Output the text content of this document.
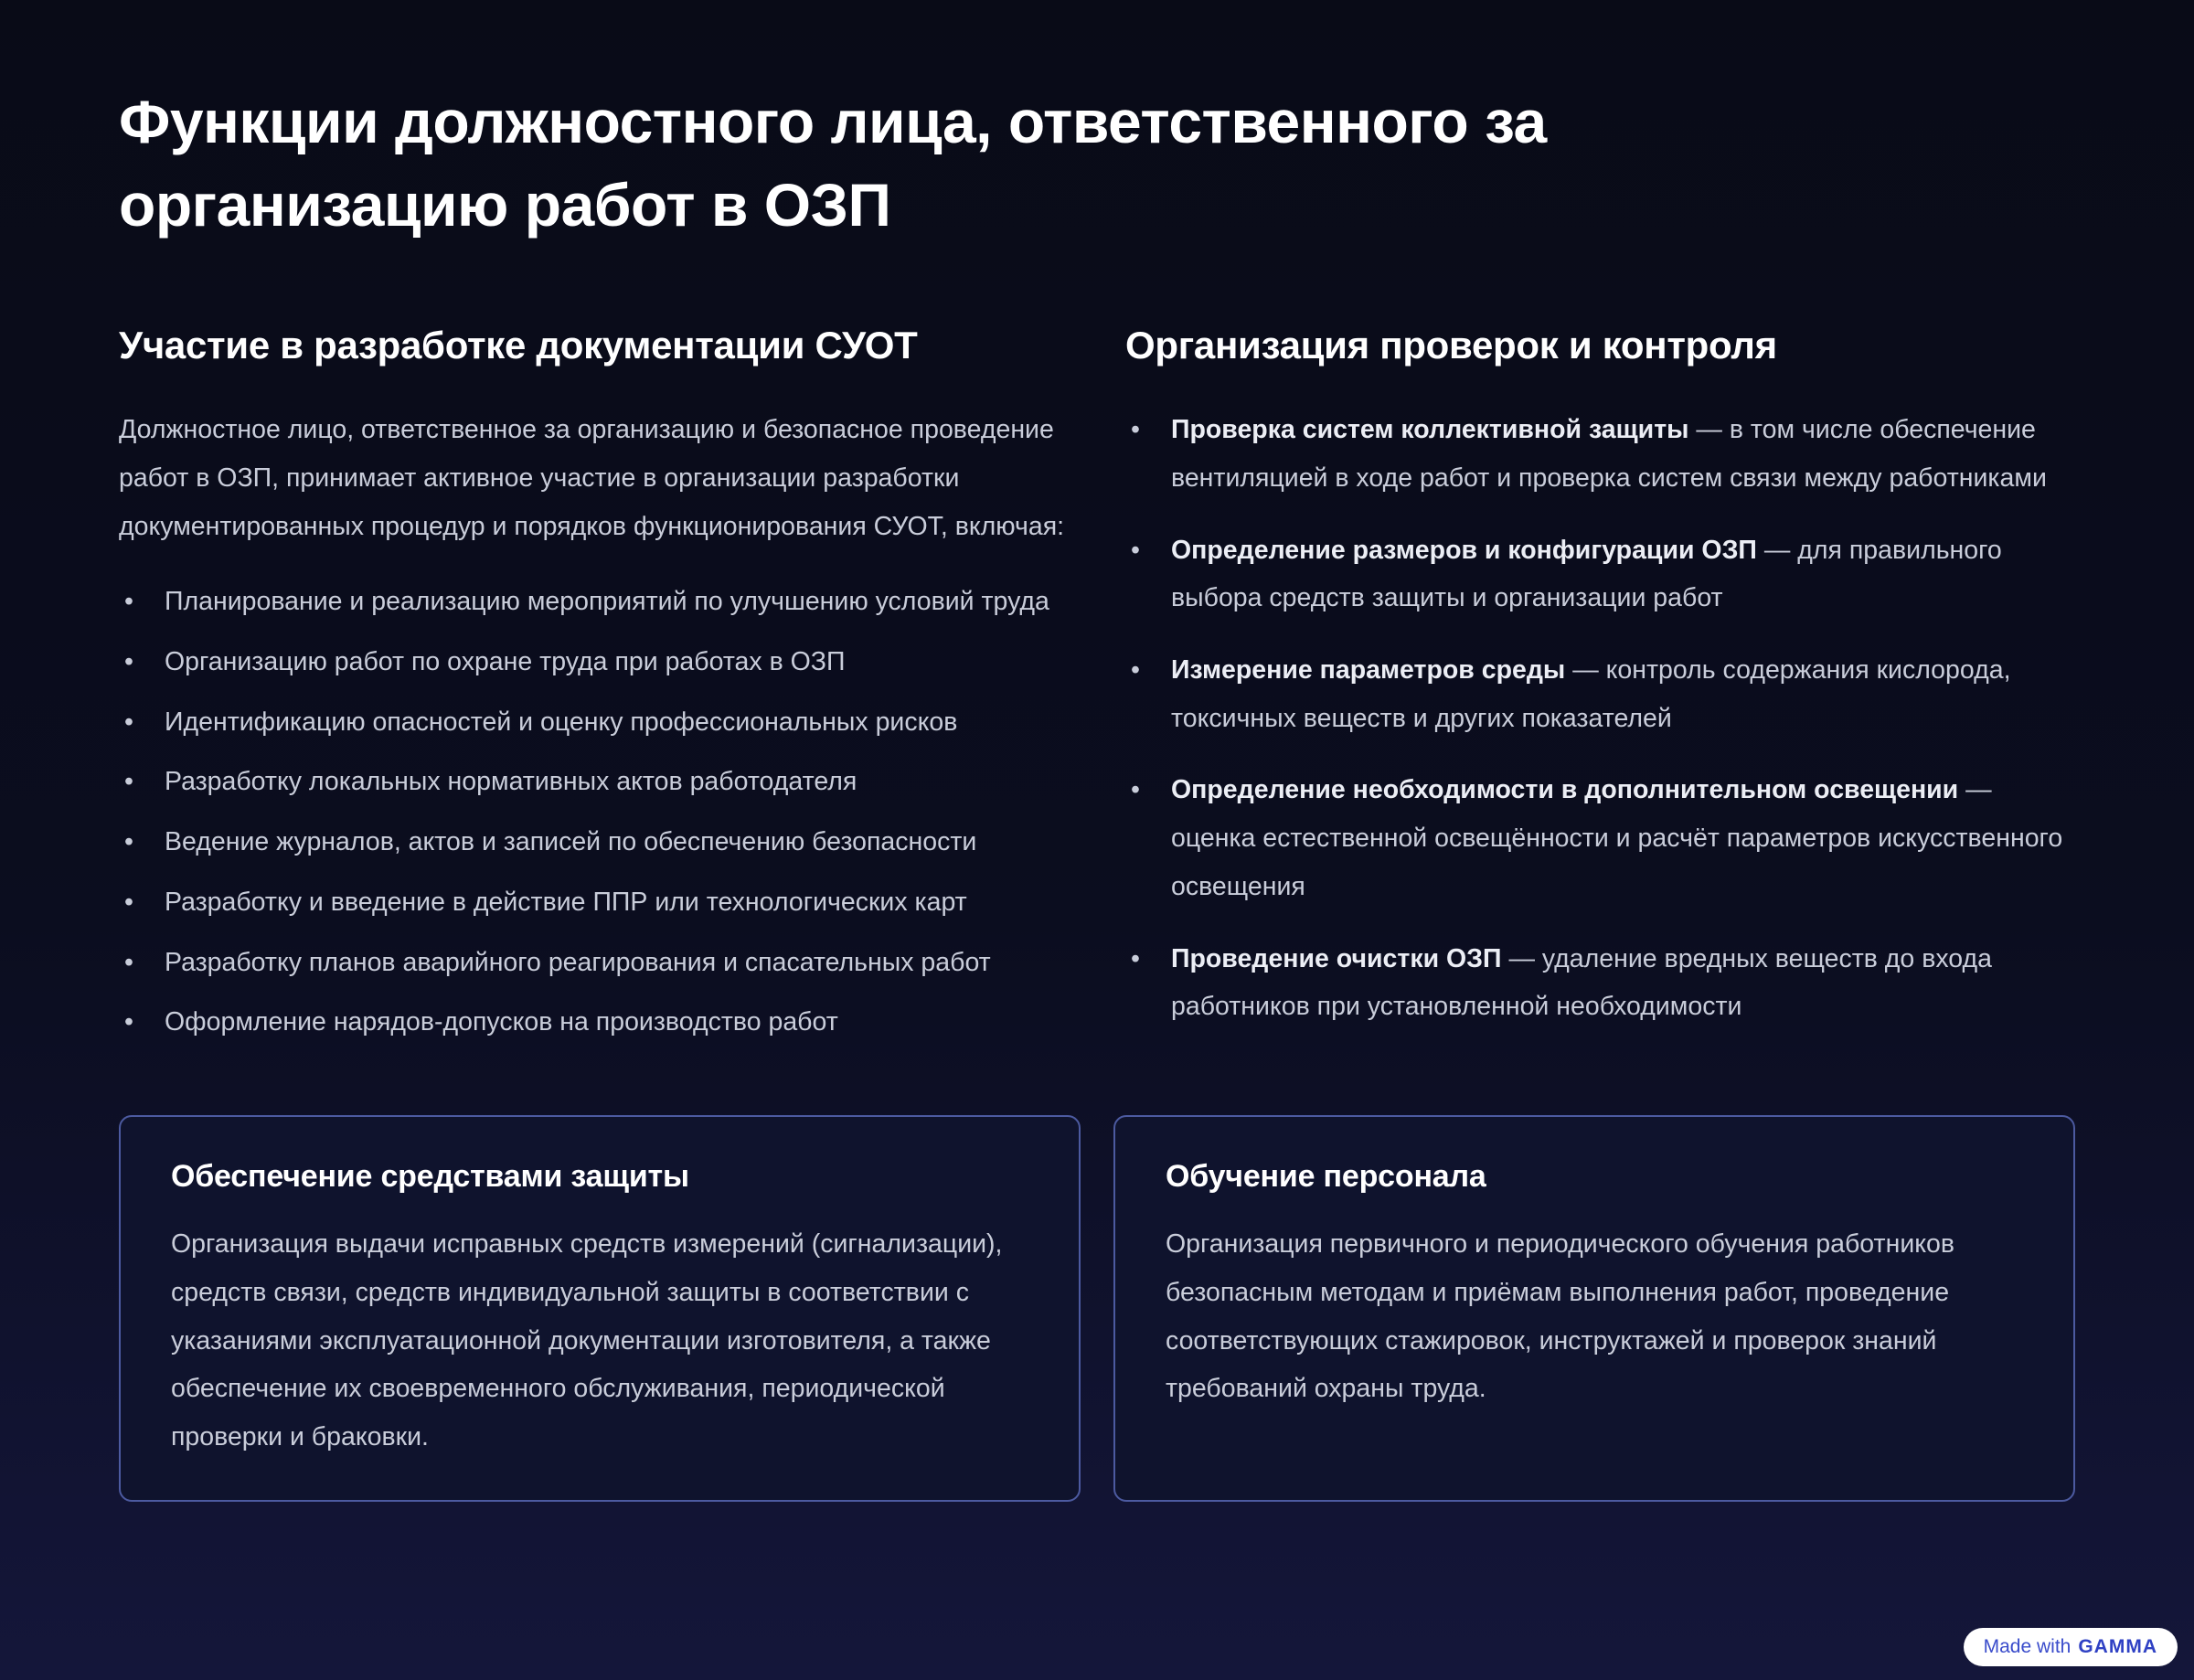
Функции должностного лица, ответственного за организацию работ в ОЗП
Участие в разработке документации СУОТ

Должностное лицо, ответственное за организацию и безопасное проведение работ в ОЗП, принимает активное участие в организации разработки документированных процедур и порядков функционирования СУОТ, включая:

• Планирование и реализацию мероприятий по улучшению условий труда
• Организацию работ по охране труда при работах в ОЗП
• Идентификацию опасностей и оценку профессиональных рисков
• Разработку локальных нормативных актов работодателя
• Ведение журналов, актов и записей по обеспечению безопасности
• Разработку и введение в действие ППР или технологических карт
• Разработку планов аварийного реагирования и спасательных работ
• Оформление нарядов-допусков на производство работ
Организация проверок и контроля
• Проверка систем коллективной защиты — в том числе обеспечение вентиляцией в ходе работ и проверка систем связи между работниками
• Определение размеров и конфигурации ОЗП — для правильного выбора средств защиты и организации работ
• Измерение параметров среды — контроль содержания кислорода, токсичных веществ и других показателей
• Определение необходимости в дополнительном освещении — оценка естественной освещённости и расчёт параметров искусственного освещения
• Проведение очистки ОЗП — удаление вредных веществ до входа работников при установленной необходимости
Обеспечение средствами защиты

Организация выдачи исправных средств измерений (сигнализации), средств связи, средств индивидуальной защиты в соответствии с указаниями эксплуатационной документации изготовителя, а также обеспечение их своевременного обслуживания, периодической проверки и браковки.

Обучение персонала

Организация первичного и периодического обучения работников безопасным методам и приёмам выполнения работ, проведение соответствующих стажировок, инструктажей и проверок знаний требований охраны труда.

Made with GAMMA
